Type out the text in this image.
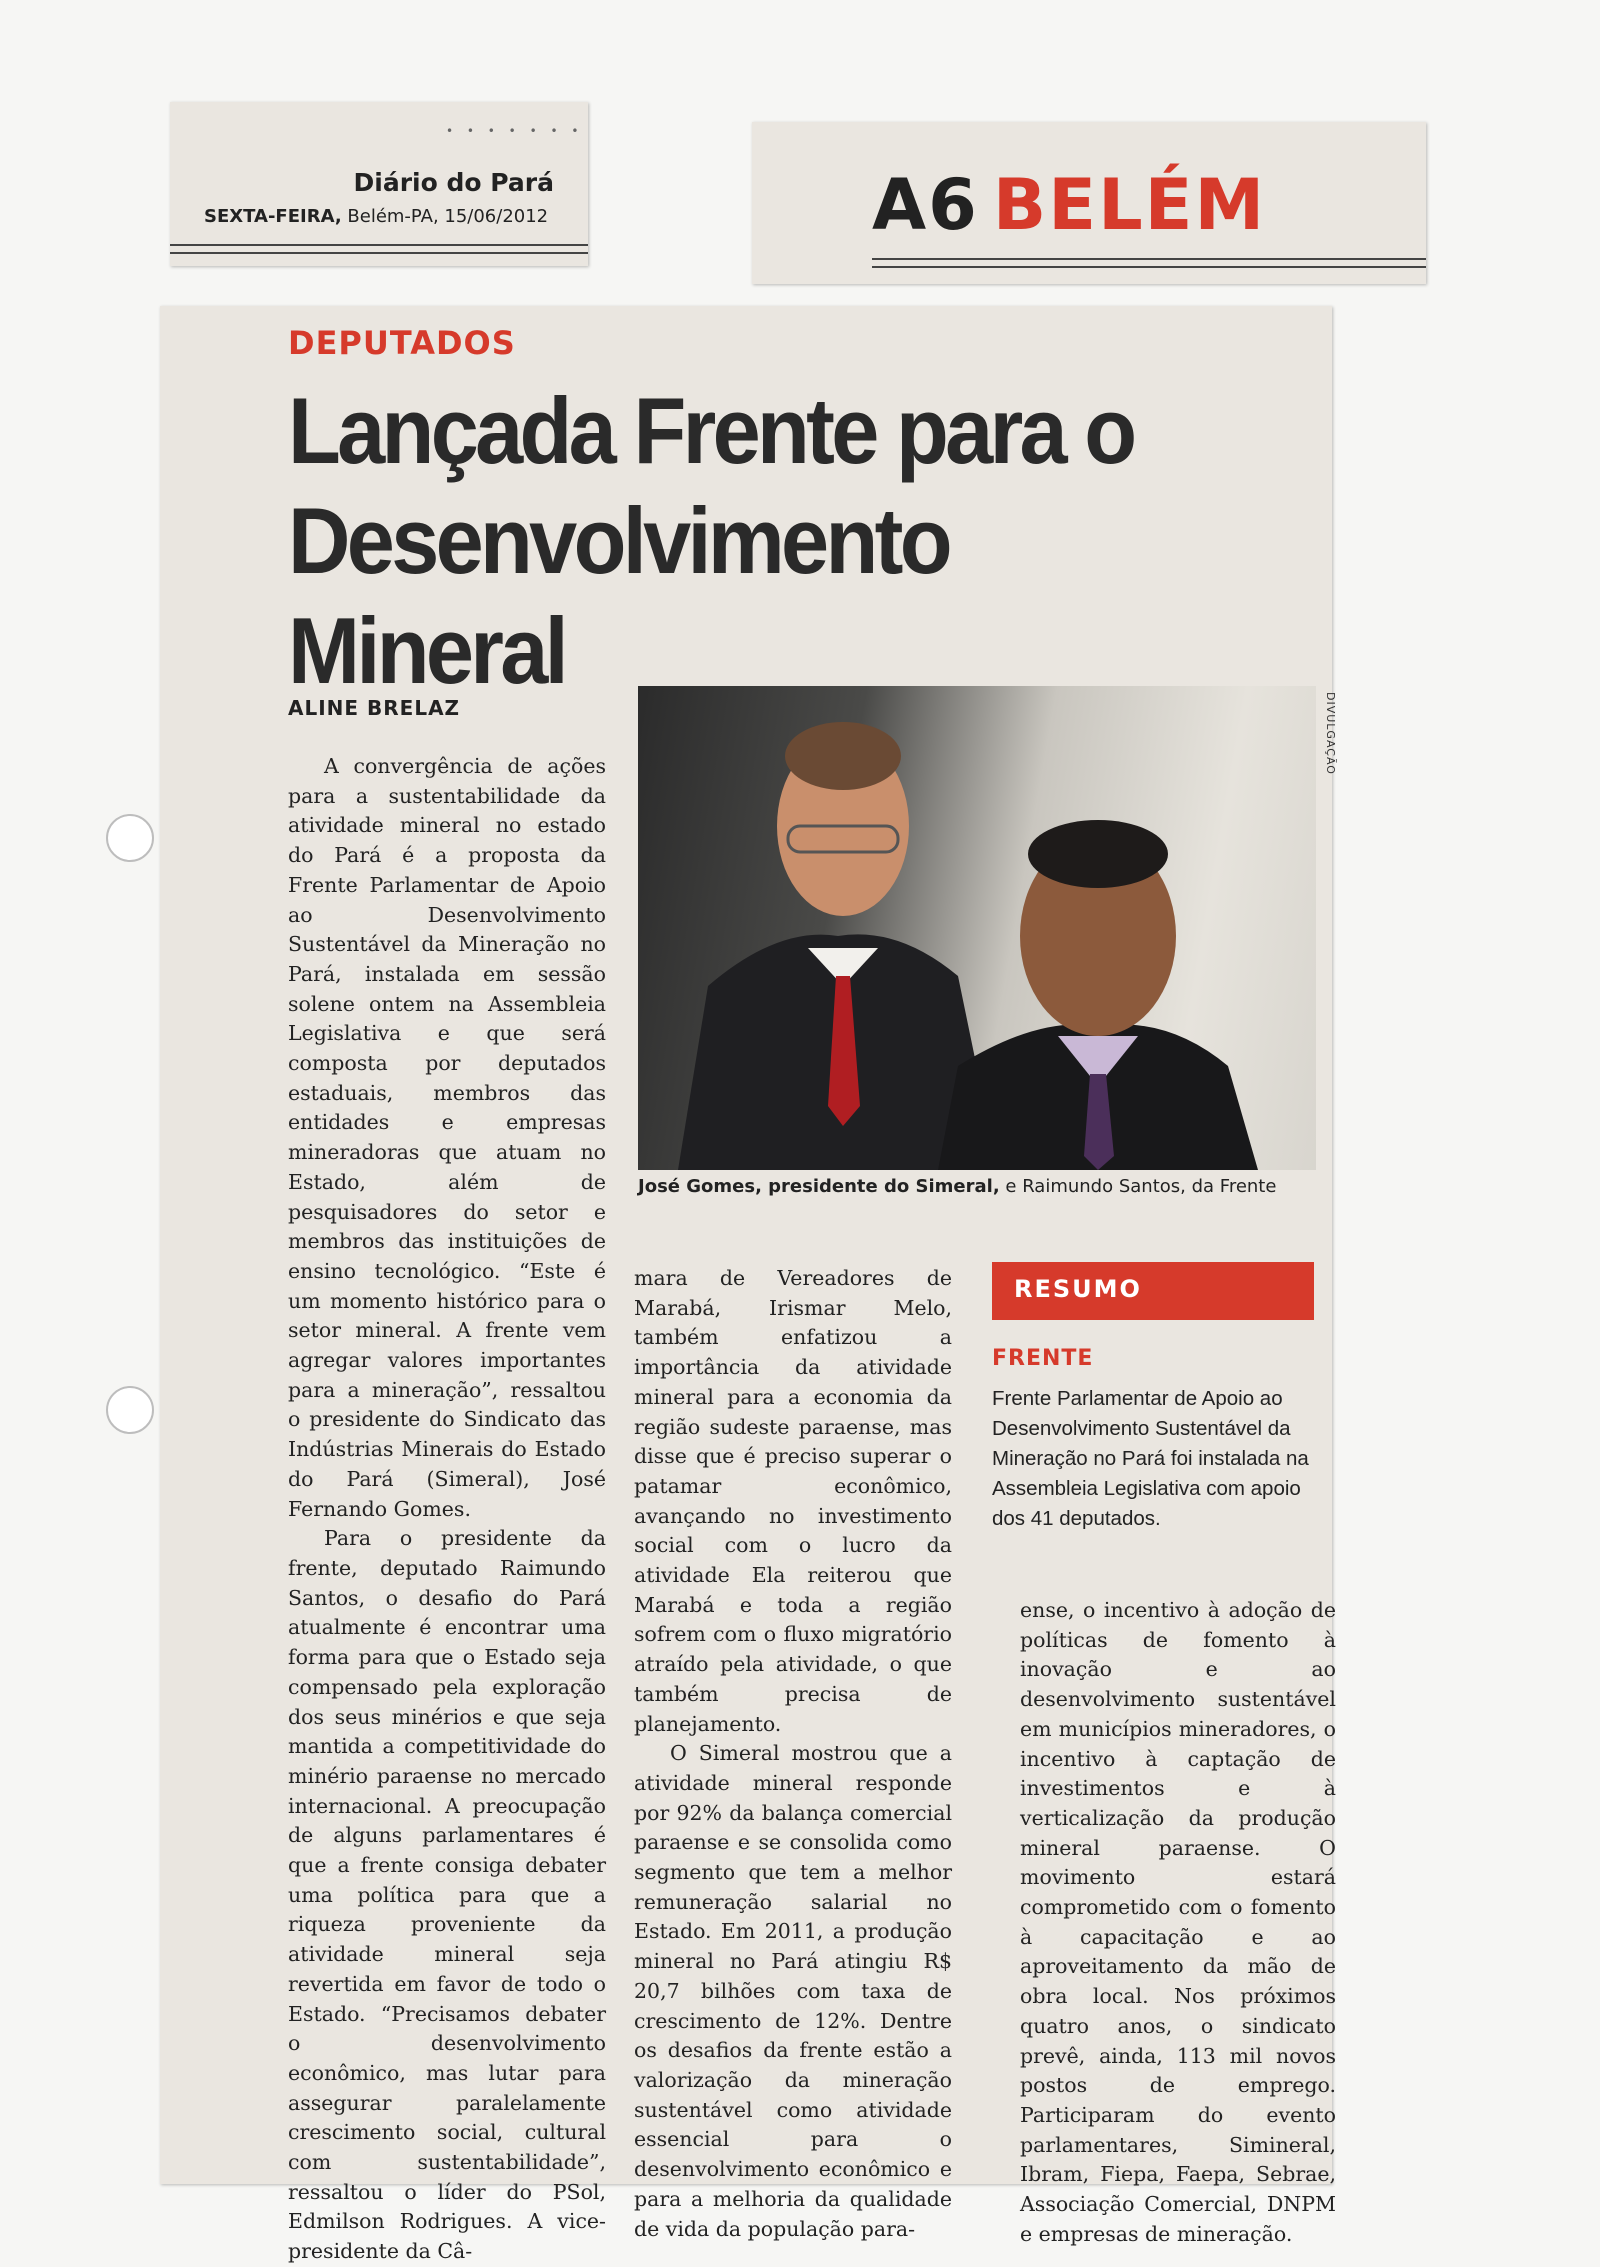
• • • • • • •
Diário do Pará
SEXTA-FEIRA, Belém-PA, 15/06/2012	A6 BELÉM
DEPUTADOS
Lançada Frente para o
Desenvolvimento Mineral
ALINE BRELAZ

A convergência de ações para a sustentabilidade da atividade mineral no estado do Pará é a proposta da Frente Parlamentar de Apoio ao Desenvolvimento Sustentável da Mineração no Pará, instalada em sessão solene ontem na Assembleia Legislativa e que será composta por deputados estaduais, membros das entidades e empresas mineradoras que atuam no Estado, além de pesquisadores do setor e membros das instituições de ensino tecnológico. “Este é um momento histórico para o setor mineral. A frente vem agregar valores importantes para a mineração”, ressaltou o presidente do Sindicato das Indústrias Minerais do Estado do Pará (Simeral), José Fernando Gomes.

Para o presidente da frente, deputado Raimundo Santos, o desafio do Pará atualmente é encontrar uma forma para que o Estado seja compensado pela exploração dos seus minérios e que seja mantida a competitividade do minério paraense no mercado internacional. A preocupação de alguns parlamentares é que a frente consiga debater uma política para que a riqueza proveniente da atividade mineral seja revertida em favor de todo o Estado. “Precisamos debater o desenvolvimento econômico, mas lutar para assegurar paralelamente crescimento social, cultural com sustentabilidade”, ressaltou o líder do PSol, Edmilson Rodrigues. A vice-presidente da Câ-

DIVULGAÇÃO
José Gomes, presidente do Simeral, e Raimundo Santos, da Frente

mara de Vereadores de Marabá, Irismar Melo, também enfatizou a importância da atividade mineral para a economia da região sudeste paraense, mas disse que é preciso superar o patamar econômico, avançando no investimento social com o lucro da atividade Ela reiterou que Marabá e toda a região sofrem com o fluxo migratório atraído pela atividade, o que também precisa de planejamento.

O Simeral mostrou que a atividade mineral responde por 92% da balança comercial paraense e se consolida como segmento que tem a melhor remuneração salarial no Estado. Em 2011, a produção mineral no Pará atingiu R$ 20,7 bilhões com taxa de crescimento de 12%. Dentre os desafios da frente estão a valorização da mineração sustentável como atividade essencial para o desenvolvimento econômico e para a melhoria da qualidade de vida da população para-

RESUMO
FRENTE
Frente Parlamentar de Apoio ao Desenvolvimento Sustentável da Mineração no Pará foi instalada na Assembleia Legislativa com apoio dos 41 deputados.

ense, o incentivo à adoção de políticas de fomento à inovação e ao desenvolvimento sustentável em municípios mineradores, o incentivo à captação de investimentos e à verticalização da produção mineral paraense. O movimento estará comprometido com o fomento à capacitação e ao aproveitamento da mão de obra local. Nos próximos quatro anos, o sindicato prevê, ainda, 113 mil novos postos de emprego. Participaram do evento parlamentares, Simineral, Ibram, Fiepa, Faepa, Sebrae, Associação Comercial, DNPM e empresas de mineração.
